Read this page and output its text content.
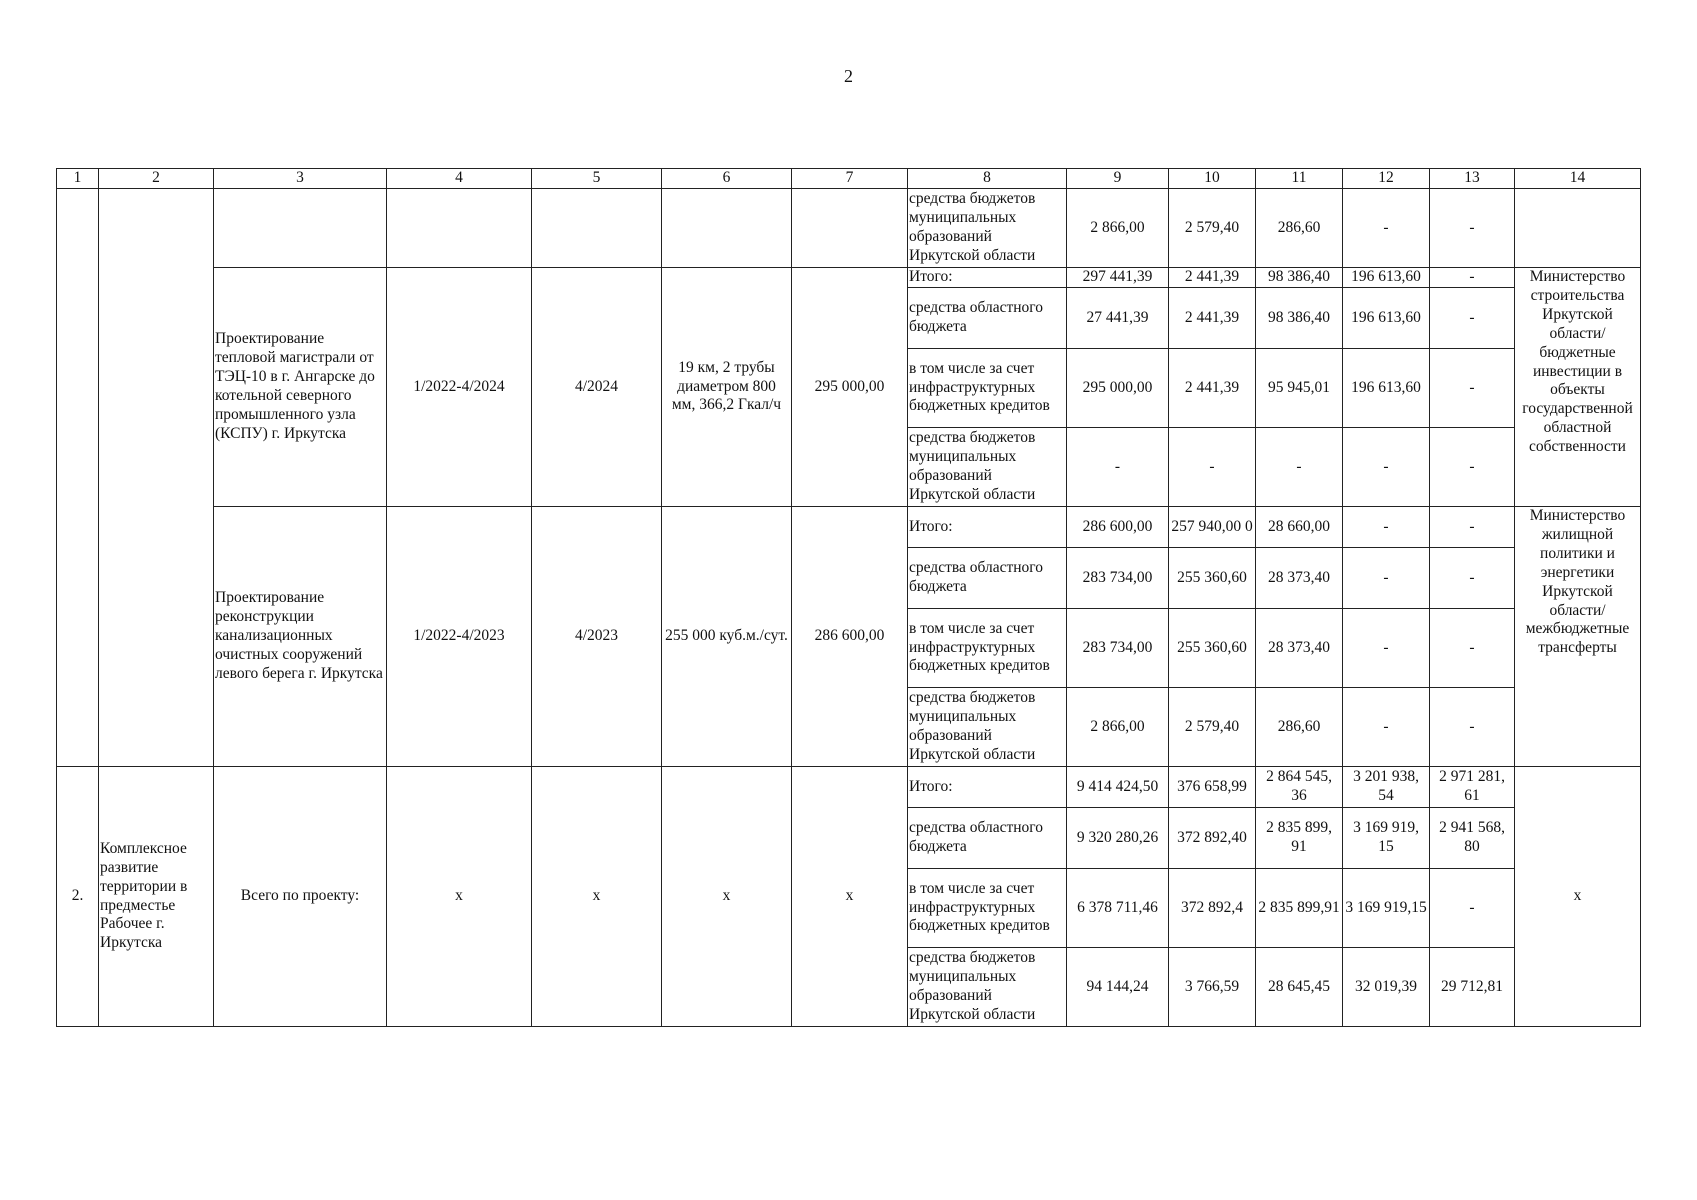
2
1	2	3	4	5	6	7	8	9	10	11	12	13	14
							средства бюджетов муниципальных образований Иркутской области	2 866,00	2 579,40	286,60	-	-	
		Проектирование тепловой магистрали от ТЭЦ-10 в г. Ангарске до котельной северного промышленного узла (КСПУ) г. Иркутска	1/2022-4/2024	4/2024	19 км, 2 трубы диаметром 800 мм, 366,2 Гкал/ч	295 000,00	Итого:	297 441,39	2 441,39	98 386,40	196 613,60	-	Министерство строительства Иркутской области/ бюджетные инвестиции в объекты государственной областной собственности
							средства областного бюджета	27 441,39	2 441,39	98 386,40	196 613,60	-	
							в том числе за счет инфраструктурных бюджетных кредитов	295 000,00	2 441,39	95 945,01	196 613,60	-	
							средства бюджетов муниципальных образований Иркутской области	-	-	-	-	-	
		Проектирование реконструкции канализационных очистных сооружений левого берега г. Иркутска	1/2022-4/2023	4/2023	255 000 куб.м./сут.	286 600,00	Итого:	286 600,00	257 940,00 0	28 660,00	-	-	Министерство жилищной политики и энергетики Иркутской области/ межбюджетные трансферты
							средства областного бюджета	283 734,00	255 360,60	28 373,40	-	-	
							в том числе за счет инфраструктурных бюджетных кредитов	283 734,00	255 360,60	28 373,40	-	-	
							средства бюджетов муниципальных образований Иркутской области	2 866,00	2 579,40	286,60	-	-	
2.	Комплексное развитие территории в предместье Рабочее г. Иркутска	Всего по проекту:	x	x	x	x	Итого:	9 414 424,50	376 658,99	2 864 545, 36	3 201 938, 54	2 971 281, 61	x
							средства областного бюджета	9 320 280,26	372 892,40	2 835 899, 91	3 169 919, 15	2 941 568, 80	
							в том числе за счет инфраструктурных бюджетных кредитов	6 378 711,46	372 892,4	2 835 899,91	3 169 919,15	-	
							средства бюджетов муниципальных образований Иркутской области	94 144,24	3 766,59	28 645,45	32 019,39	29 712,81	
